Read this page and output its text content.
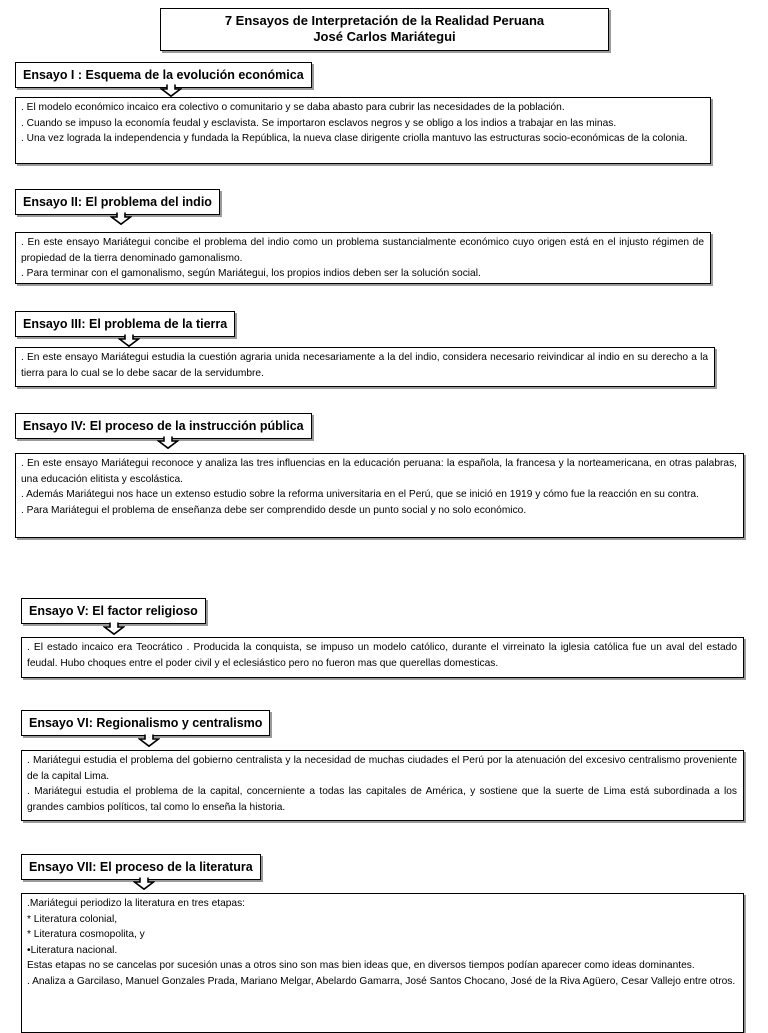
7 Ensayos de Interpretación de la Realidad Peruana
José Carlos Mariátegui
Ensayo I : Esquema de la evolución económica

. El modelo económico incaico era colectivo o comunitario y se daba abasto para cubrir las necesidades de la población.

. Cuando se impuso la economía feudal y esclavista. Se importaron esclavos negros y se obligo a los indios a trabajar en las minas.

. Una vez lograda la independencia y fundada la República, la nueva clase dirigente criolla mantuvo las estructuras socio-económicas de la colonia.

Ensayo II: El problema del indio

. En este ensayo Mariátegui concibe el problema del indio como un problema sustancialmente económico cuyo origen está en el injusto régimen de propiedad de la tierra denominado gamonalismo.

. Para terminar con el gamonalismo, según Mariátegui, los propios indios deben ser la solución social.

Ensayo III: El problema de la tierra

. En este ensayo Mariátegui estudia la cuestión agraria unida necesariamente a la del indio, considera necesario reivindicar al indio en su derecho a la tierra para lo cual se lo debe sacar de la servidumbre.

Ensayo IV: El proceso de la instrucción pública

. En este ensayo Mariátegui reconoce y analiza las tres influencias en la educación peruana: la española, la francesa y la norteamericana, en otras palabras, una educación elitista y escolástica.

. Además Mariátegui nos hace un extenso estudio sobre la reforma universitaria en el Perú, que se inició en 1919 y cómo fue la reacción en su contra.

. Para Mariátegui el problema de enseñanza debe ser comprendido desde un punto social y no solo económico.

Ensayo V: El factor religioso

. El estado incaico era Teocrático . Producida la conquista, se impuso un modelo católico, durante el virreinato la iglesia católica fue un aval del estado feudal. Hubo choques entre el poder civil y el eclesiástico pero no fueron mas que querellas domesticas.

Ensayo VI: Regionalismo y centralismo

. Mariátegui estudia el problema del gobierno centralista y la necesidad de muchas ciudades el Perú por la atenuación del excesivo centralismo proveniente de la capital Lima.

. Mariátegui estudia el problema de la capital, concerniente a todas las capitales de América, y sostiene que la suerte de Lima está subordinada a los grandes cambios políticos, tal como lo enseña la historia.

Ensayo VII: El proceso de la literatura

.Mariátegui periodizo la literatura en tres etapas:

* Literatura colonial,

* Literatura cosmopolita, y

•Literatura nacional.

Estas etapas no se cancelas por sucesión unas a otros sino son mas bien ideas que, en diversos tiempos podían aparecer como ideas dominantes.

. Analiza a Garcilaso, Manuel Gonzales Prada, Mariano Melgar, Abelardo Gamarra, José Santos Chocano, José de la Riva Agüero, Cesar Vallejo entre otros.
